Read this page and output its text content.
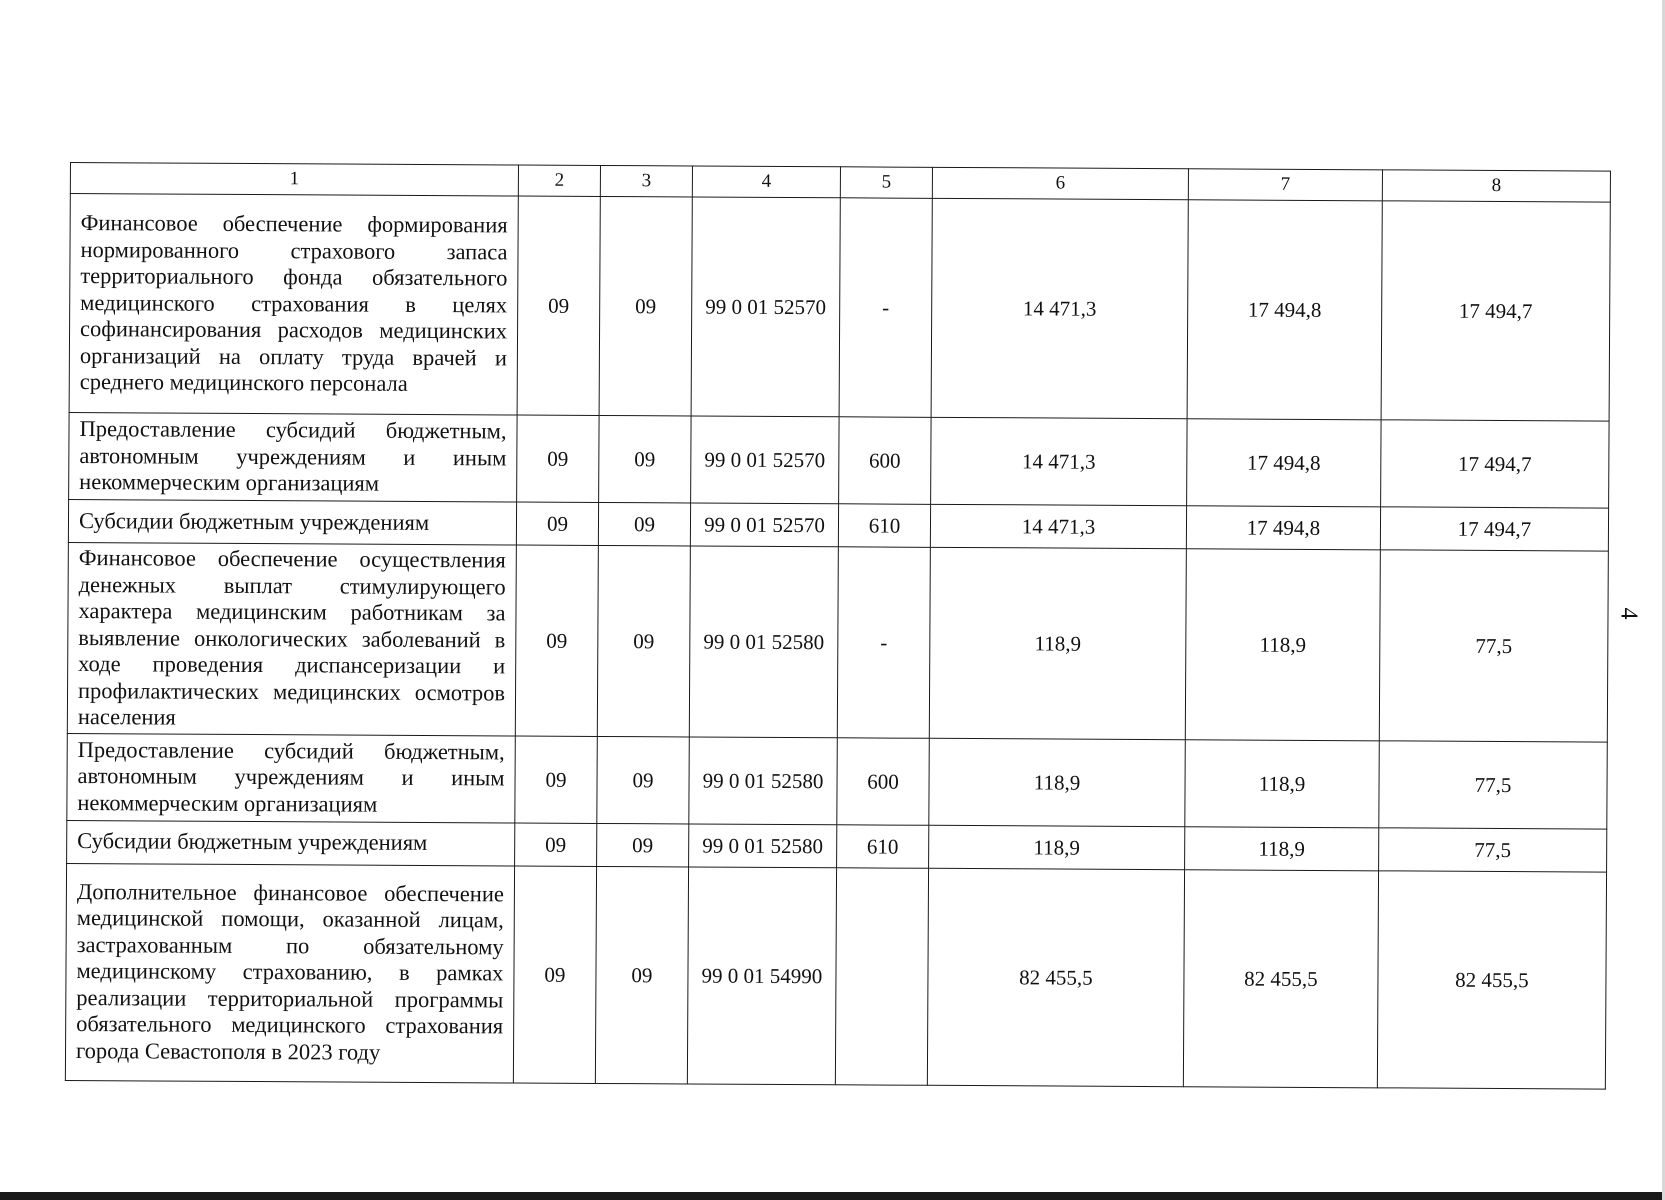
1	2	3	4	5	6	7	8
Финансовое обеспечение формирования нормированного страхового запаса территориального фонда обязательного медицинского страхования в целях софинансирования расходов медицинских организаций на оплату труда врачей и среднего медицинского персонала	09	09	99 0 01 52570	-	14 471,3	17 494,8	17 494,7
Предоставление субсидий бюджетным, автономным учреждениям и иным некоммерческим организациям	09	09	99 0 01 52570	600	14 471,3	17 494,8	17 494,7
Субсидии бюджетным учреждениям	09	09	99 0 01 52570	610	14 471,3	17 494,8	17 494,7
Финансовое обеспечение осуществления денежных выплат стимулирующего характера медицинским работникам за выявление онкологических заболеваний в ходе проведения диспансеризации и профилактических медицинских осмотров населения	09	09	99 0 01 52580	-	118,9	118,9	77,5
Предоставление субсидий бюджетным, автономным учреждениям и иным некоммерческим организациям	09	09	99 0 01 52580	600	118,9	118,9	77,5
Субсидии бюджетным учреждениям	09	09	99 0 01 52580	610	118,9	118,9	77,5
Дополнительное финансовое обеспечение медицинской помощи, оказанной лицам, застрахованным по обязательному медицинскому страхованию, в рамках реализации территориальной программы обязательного медицинского страхования города Севастополя в 2023 году	09	09	99 0 01 54990		82 455,5	82 455,5	82 455,5
4
